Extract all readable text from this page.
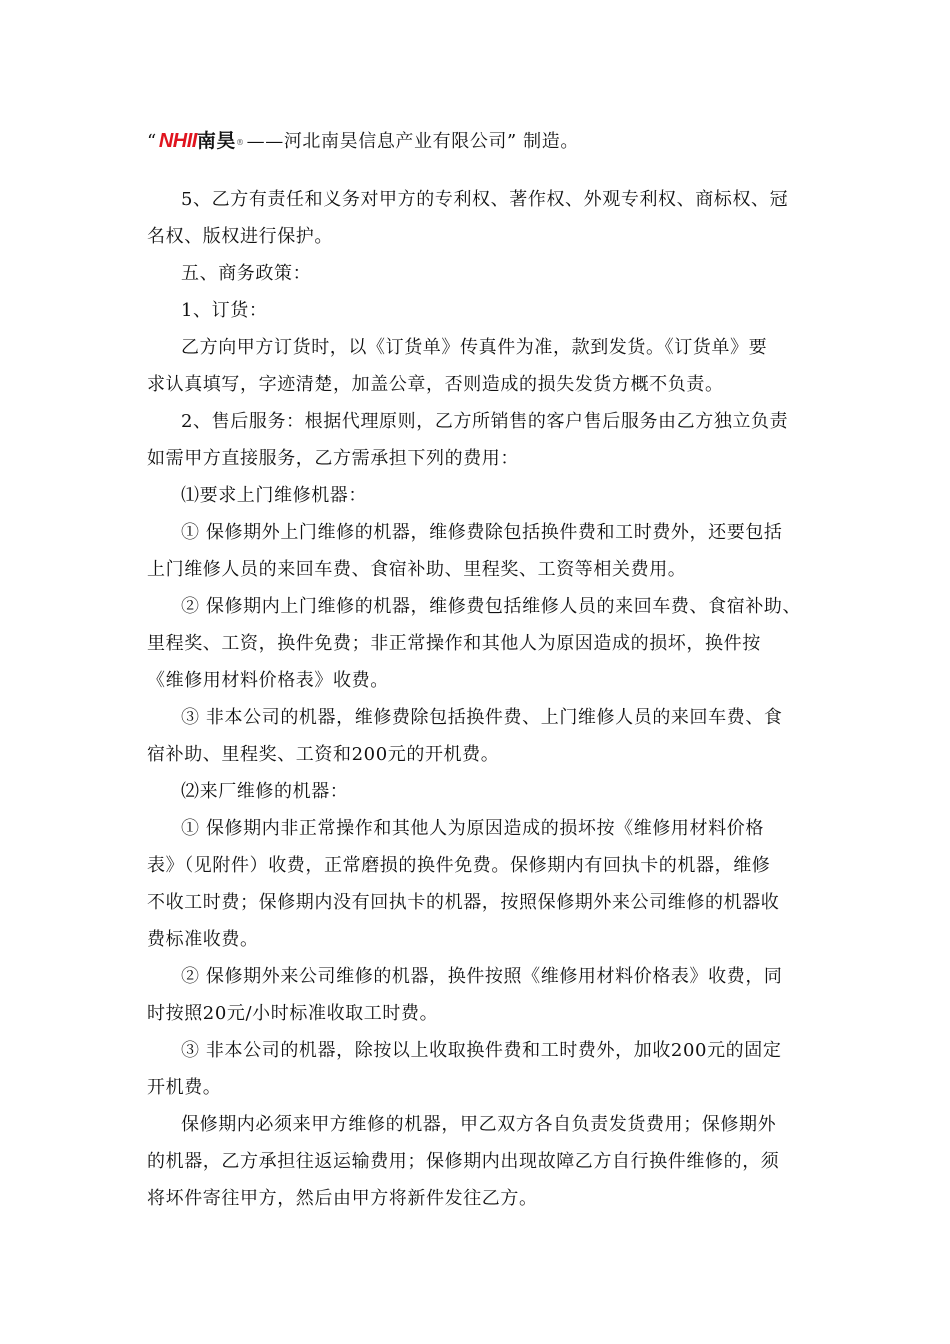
“ NHII 南昊 ® ——河北南昊信息产业有限公司” 制造。
5、乙方有责任和义务对甲方的专利权、著作权、外观专利权、商标权、冠
名权、版权进行保护。
五、商务政策：
1、订货：
乙方向甲方订货时，以《订货单》传真件为准，款到发货。《订货单》要
求认真填写，字迹清楚，加盖公章，否则造成的损失发货方概不负责。
2、售后服务：根据代理原则，乙方所销售的客户售后服务由乙方独立负责
如需甲方直接服务，乙方需承担下列的费用：
⑴要求上门维修机器：
① 保修期外上门维修的机器，维修费除包括换件费和工时费外，还要包括
上门维修人员的来回车费、食宿补助、里程奖、工资等相关费用。
② 保修期内上门维修的机器，维修费包括维修人员的来回车费、食宿补助、
里程奖、工资，换件免费；非正常操作和其他人为原因造成的损坏，换件按
《维修用材料价格表》收费。
③ 非本公司的机器，维修费除包括换件费、上门维修人员的来回车费、食
宿补助、里程奖、工资和200元的开机费。
⑵来厂维修的机器：
① 保修期内非正常操作和其他人为原因造成的损坏按《维修用材料价格
表》（见附件）收费，正常磨损的换件免费。保修期内有回执卡的机器，维修
不收工时费；保修期内没有回执卡的机器，按照保修期外来公司维修的机器收
费标准收费。
② 保修期外来公司维修的机器，换件按照《维修用材料价格表》收费，同
时按照20元/小时标准收取工时费。
③ 非本公司的机器，除按以上收取换件费和工时费外，加收200元的固定
开机费。
保修期内必须来甲方维修的机器，甲乙双方各自负责发货费用；保修期外
的机器，乙方承担往返运输费用；保修期内出现故障乙方自行换件维修的，须
将坏件寄往甲方，然后由甲方将新件发往乙方。
